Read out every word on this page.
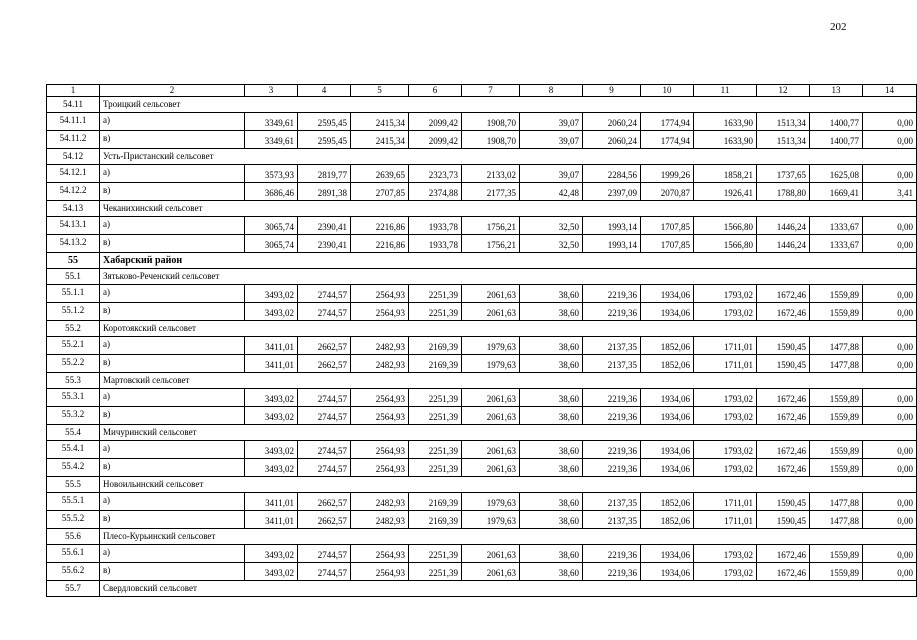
202
1	2	3	4	5	6	7	8	9	10	11	12	13	14
54.11	Троицкий сельсовет												
54.11.1	а)	3349,61	2595,45	2415,34	2099,42	1908,70	39,07	2060,24	1774,94	1633,90	1513,34	1400,77	0,00
54.11.2	в)	3349,61	2595,45	2415,34	2099,42	1908,70	39,07	2060,24	1774,94	1633,90	1513,34	1400,77	0,00
54.12	Усть-Пристанский сельсовет												
54.12.1	а)	3573,93	2819,77	2639,65	2323,73	2133,02	39,07	2284,56	1999,26	1858,21	1737,65	1625,08	0,00
54.12.2	в)	3686,46	2891,38	2707,85	2374,88	2177,35	42,48	2397,09	2070,87	1926,41	1788,80	1669,41	3,41
54.13	Чеканихинский сельсовет												
54.13.1	а)	3065,74	2390,41	2216,86	1933,78	1756,21	32,50	1993,14	1707,85	1566,80	1446,24	1333,67	0,00
54.13.2	в)	3065,74	2390,41	2216,86	1933,78	1756,21	32,50	1993,14	1707,85	1566,80	1446,24	1333,67	0,00
55	Хабарский район												
55.1	Зятьково-Реченский сельсовет												
55.1.1	а)	3493,02	2744,57	2564,93	2251,39	2061,63	38,60	2219,36	1934,06	1793,02	1672,46	1559,89	0,00
55.1.2	в)	3493,02	2744,57	2564,93	2251,39	2061,63	38,60	2219,36	1934,06	1793,02	1672,46	1559,89	0,00
55.2	Коротоякский сельсовет												
55.2.1	а)	3411,01	2662,57	2482,93	2169,39	1979,63	38,60	2137,35	1852,06	1711,01	1590,45	1477,88	0,00
55.2.2	в)	3411,01	2662,57	2482,93	2169,39	1979,63	38,60	2137,35	1852,06	1711,01	1590,45	1477,88	0,00
55.3	Мартовский сельсовет												
55.3.1	а)	3493,02	2744,57	2564,93	2251,39	2061,63	38,60	2219,36	1934,06	1793,02	1672,46	1559,89	0,00
55.3.2	в)	3493,02	2744,57	2564,93	2251,39	2061,63	38,60	2219,36	1934,06	1793,02	1672,46	1559,89	0,00
55.4	Мичуринский сельсовет												
55.4.1	а)	3493,02	2744,57	2564,93	2251,39	2061,63	38,60	2219,36	1934,06	1793,02	1672,46	1559,89	0,00
55.4.2	в)	3493,02	2744,57	2564,93	2251,39	2061,63	38,60	2219,36	1934,06	1793,02	1672,46	1559,89	0,00
55.5	Новоильинский сельсовет												
55.5.1	а)	3411,01	2662,57	2482,93	2169,39	1979,63	38,60	2137,35	1852,06	1711,01	1590,45	1477,88	0,00
55.5.2	в)	3411,01	2662,57	2482,93	2169,39	1979,63	38,60	2137,35	1852,06	1711,01	1590,45	1477,88	0,00
55.6	Плесо-Курьинский сельсовет												
55.6.1	а)	3493,02	2744,57	2564,93	2251,39	2061,63	38,60	2219,36	1934,06	1793,02	1672,46	1559,89	0,00
55.6.2	в)	3493,02	2744,57	2564,93	2251,39	2061,63	38,60	2219,36	1934,06	1793,02	1672,46	1559,89	0,00
55.7	Свердловский сельсовет												
